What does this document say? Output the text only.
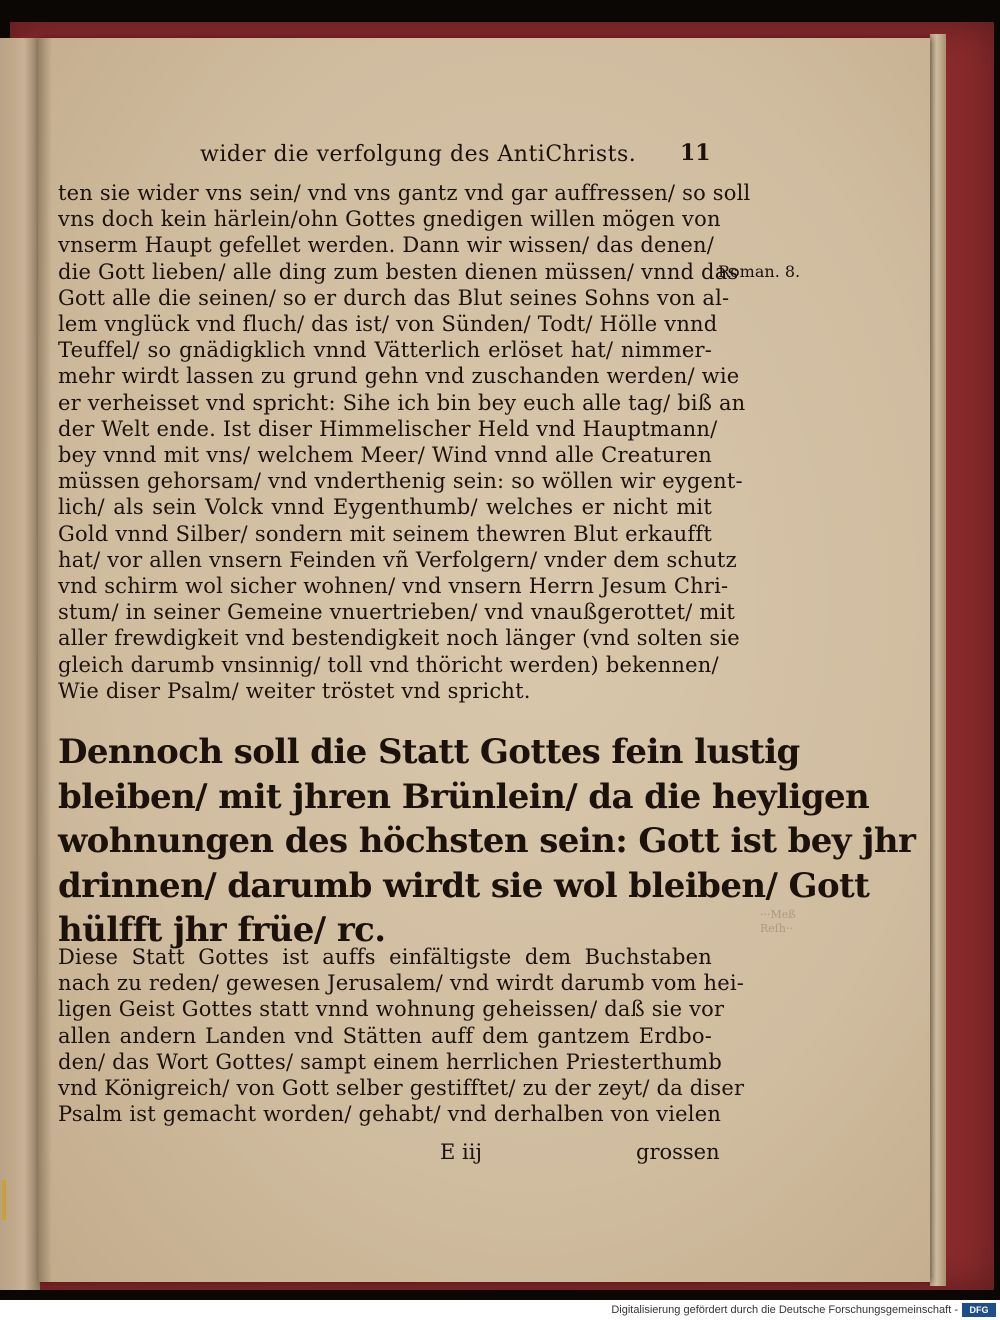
wider die verfolgung des AntiChrists. 11
Roman. 8.
ten sie wider vns sein/ vnd vns gantz vnd gar auffressen/ so soll
vns doch kein härlein/ohn Gottes gnedigen willen mögen von
vnserm Haupt gefellet werden. Dann wir wissen/ das denen/
die Gott lieben/ alle ding zum besten dienen müssen/ vnnd das
Gott alle die seinen/ so er durch das Blut seines Sohns von al-
lem vnglück vnd fluch/ das ist/ von Sünden/ Todt/ Hölle vnnd
Teuffel/ so gnädigklich vnnd Vätterlich erlöset hat/ nimmer-
mehr wirdt lassen zu grund gehn vnd zuschanden werden/ wie
er verheisset vnd spricht: Sihe ich bin bey euch alle tag/ biß an
der Welt ende. Ist diser Himmelischer Held vnd Hauptmann/
bey vnnd mit vns/ welchem Meer/ Wind vnnd alle Creaturen
müssen gehorsam/ vnd vnderthenig sein: so wöllen wir eygent-
lich/ als sein Volck vnnd Eygenthumb/ welches er nicht mit
Gold vnnd Silber/ sondern mit seinem thewren Blut erkaufft
hat/ vor allen vnsern Feinden vñ Verfolgern/ vnder dem schutz
vnd schirm wol sicher wohnen/ vnd vnsern Herrn Jesum Chri-
stum/ in seiner Gemeine vnuertrieben/ vnd vnaußgerottet/ mit
aller frewdigkeit vnd bestendigkeit noch länger (vnd solten sie
gleich darumb vnsinnig/ toll vnd thöricht werden) bekennen/
Wie diser Psalm/ weiter tröstet vnd spricht.
Dennoch soll die Statt Gottes fein lustig
bleiben/ mit jhren Brünlein/ da die heyligen
wohnungen des höchsten sein: Gott ist bey jhr
drinnen/ darumb wirdt sie wol bleiben/ Gott
hülfft jhr früe/ rc.
Diese Statt Gottes ist auffs einfältigste dem Buchstaben
nach zu reden/ gewesen Jerusalem/ vnd wirdt darumb vom hei-
ligen Geist Gottes statt vnnd wohnung geheissen/ daß sie vor
allen andern Landen vnd Stätten auff dem gantzem Erdbo-
den/ das Wort Gottes/ sampt einem herrlichen Priesterthumb
vnd Königreich/ von Gott selber gestifftet/ zu der zeyt/ da diser
Psalm ist gemacht worden/ gehabt/ vnd derhalben von vielen
E iij	grossen
···Meß
Reſh··
Digitalisierung gefördert durch die Deutsche Forschungsgemeinschaft -	DFG
